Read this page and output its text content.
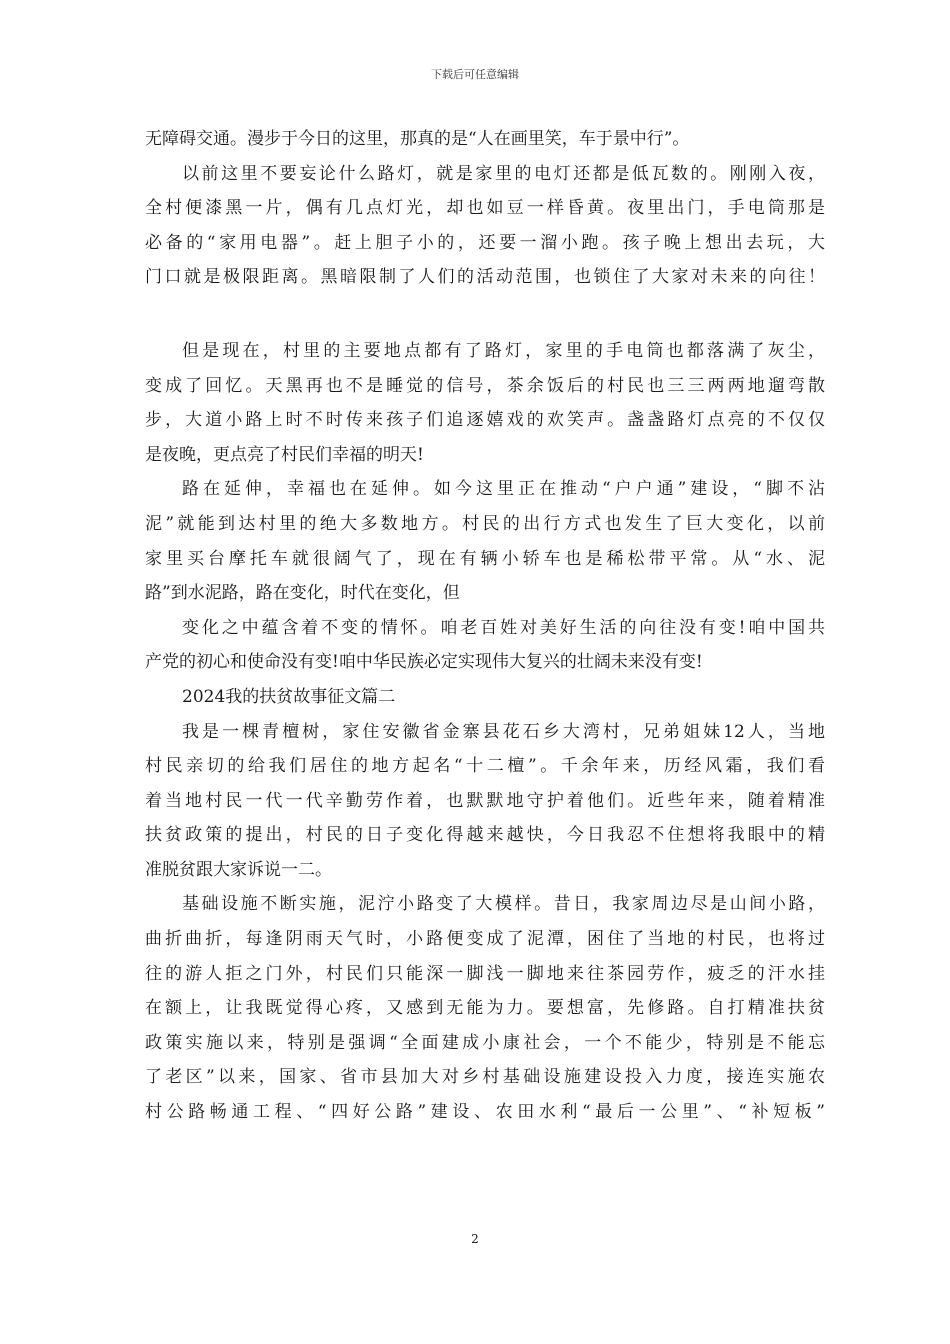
下载后可任意编辑
无障碍交通。漫步于今日的这里，那真的是“人在画里笑，车于景中行”。
以前这里不要妄论什么路灯，就是家里的电灯还都是低瓦数的。刚刚入夜，
全村便漆黑一片，偶有几点灯光，却也如豆一样昏黄。夜里出门，手电筒那是
必备的“家用电器”。赶上胆子小的，还要一溜小跑。孩子晚上想出去玩，大
门口就是极限距离。黑暗限制了人们的活动范围，也锁住了大家对未来的向往！
但是现在，村里的主要地点都有了路灯，家里的手电筒也都落满了灰尘，
变成了回忆。天黑再也不是睡觉的信号，茶余饭后的村民也三三两两地遛弯散
步，大道小路上时不时传来孩子们追逐嬉戏的欢笑声。盏盏路灯点亮的不仅仅
是夜晚，更点亮了村民们幸福的明天!
路在延伸，幸福也在延伸。如今这里正在推动“户户通”建设，“脚不沾
泥”就能到达村里的绝大多数地方。村民的出行方式也发生了巨大变化，以前
家里买台摩托车就很阔气了，现在有辆小轿车也是稀松带平常。从“水、泥
路”到水泥路，路在变化，时代在变化，但
变化之中蕴含着不变的情怀。咱老百姓对美好生活的向往没有变!咱中国共
产党的初心和使命没有变!咱中华民族必定实现伟大复兴的壮阔未来没有变!
2024我的扶贫故事征文篇二
我是一棵青檀树，家住安徽省金寨县花石乡大湾村，兄弟姐妹12人，当地
村民亲切的给我们居住的地方起名“十二檀”。千余年来，历经风霜，我们看
着当地村民一代一代辛勤劳作着，也默默地守护着他们。近些年来，随着精准
扶贫政策的提出，村民的日子变化得越来越快，今日我忍不住想将我眼中的精
准脱贫跟大家诉说一二。
基础设施不断实施，泥泞小路变了大模样。昔日，我家周边尽是山间小路，
曲折曲折，每逢阴雨天气时，小路便变成了泥潭，困住了当地的村民，也将过
往的游人拒之门外，村民们只能深一脚浅一脚地来往茶园劳作，疲乏的汗水挂
在额上，让我既觉得心疼，又感到无能为力。要想富，先修路。自打精准扶贫
政策实施以来，特别是强调“全面建成小康社会，一个不能少，特别是不能忘
了老区”以来，国家、省市县加大对乡村基础设施建设投入力度，接连实施农
村公路畅通工程、“四好公路”建设、农田水利“最后一公里”、“补短板”
2
